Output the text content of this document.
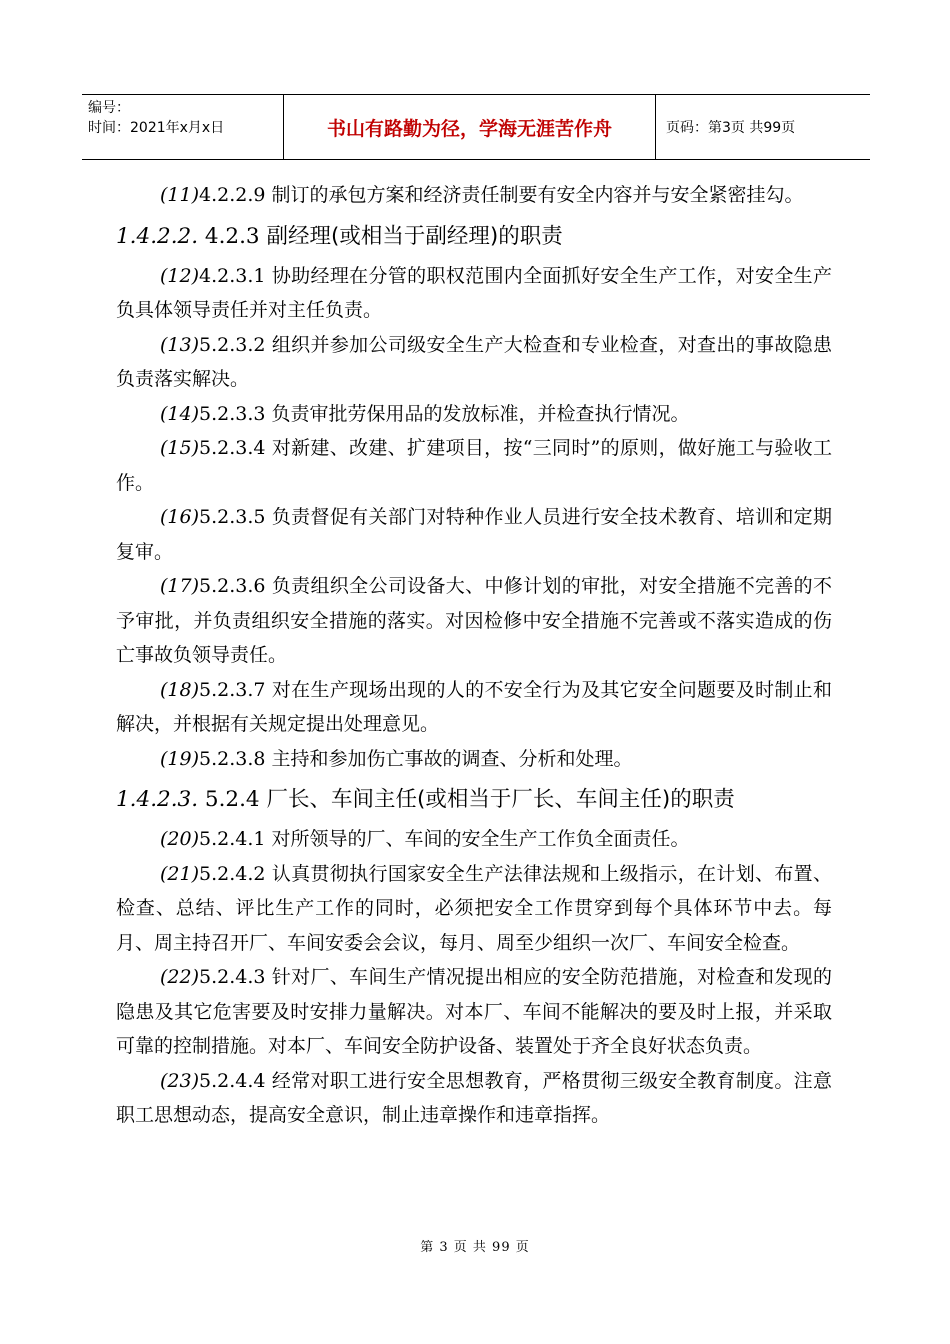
编号：
时间：2021年x月x日	书山有路勤为径，学海无涯苦作舟	页码：第3页 共99页

(11)4.2.2.9 制订的承包方案和经济责任制要有安全内容并与安全紧密挂勾。

1.4.2.2. 4.2.3 副经理(或相当于副经理)的职责

(12)4.2.3.1 协助经理在分管的职权范围内全面抓好安全生产工作，对安全生产负具体领导责任并对主任负责。

(13)5.2.3.2 组织并参加公司级安全生产大检查和专业检查，对查出的事故隐患负责落实解决。

(14)5.2.3.3 负责审批劳保用品的发放标准，并检查执行情况。

(15)5.2.3.4 对新建、改建、扩建项目，按“三同时”的原则，做好施工与验收工作。

(16)5.2.3.5 负责督促有关部门对特种作业人员进行安全技术教育、培训和定期复审。

(17)5.2.3.6 负责组织全公司设备大、中修计划的审批，对安全措施不完善的不予审批，并负责组织安全措施的落实。对因检修中安全措施不完善或不落实造成的伤亡事故负领导责任。

(18)5.2.3.7 对在生产现场出现的人的不安全行为及其它安全问题要及时制止和解决，并根据有关规定提出处理意见。

(19)5.2.3.8 主持和参加伤亡事故的调查、分析和处理。

1.4.2.3. 5.2.4 厂长、车间主任(或相当于厂长、车间主任)的职责

(20)5.2.4.1 对所领导的厂、车间的安全生产工作负全面责任。

(21)5.2.4.2 认真贯彻执行国家安全生产法律法规和上级指示，在计划、布置、检查、总结、评比生产工作的同时，必须把安全工作贯穿到每个具体环节中去。每月、周主持召开厂、车间安委会会议，每月、周至少组织一次厂、车间安全检查。

(22)5.2.4.3 针对厂、车间生产情况提出相应的安全防范措施，对检查和发现的隐患及其它危害要及时安排力量解决。对本厂、车间不能解决的要及时上报，并采取可靠的控制措施。对本厂、车间安全防护设备、装置处于齐全良好状态负责。

(23)5.2.4.4 经常对职工进行安全思想教育，严格贯彻三级安全教育制度。注意职工思想动态，提高安全意识，制止违章操作和违章指挥。

第 3 页 共 99 页
